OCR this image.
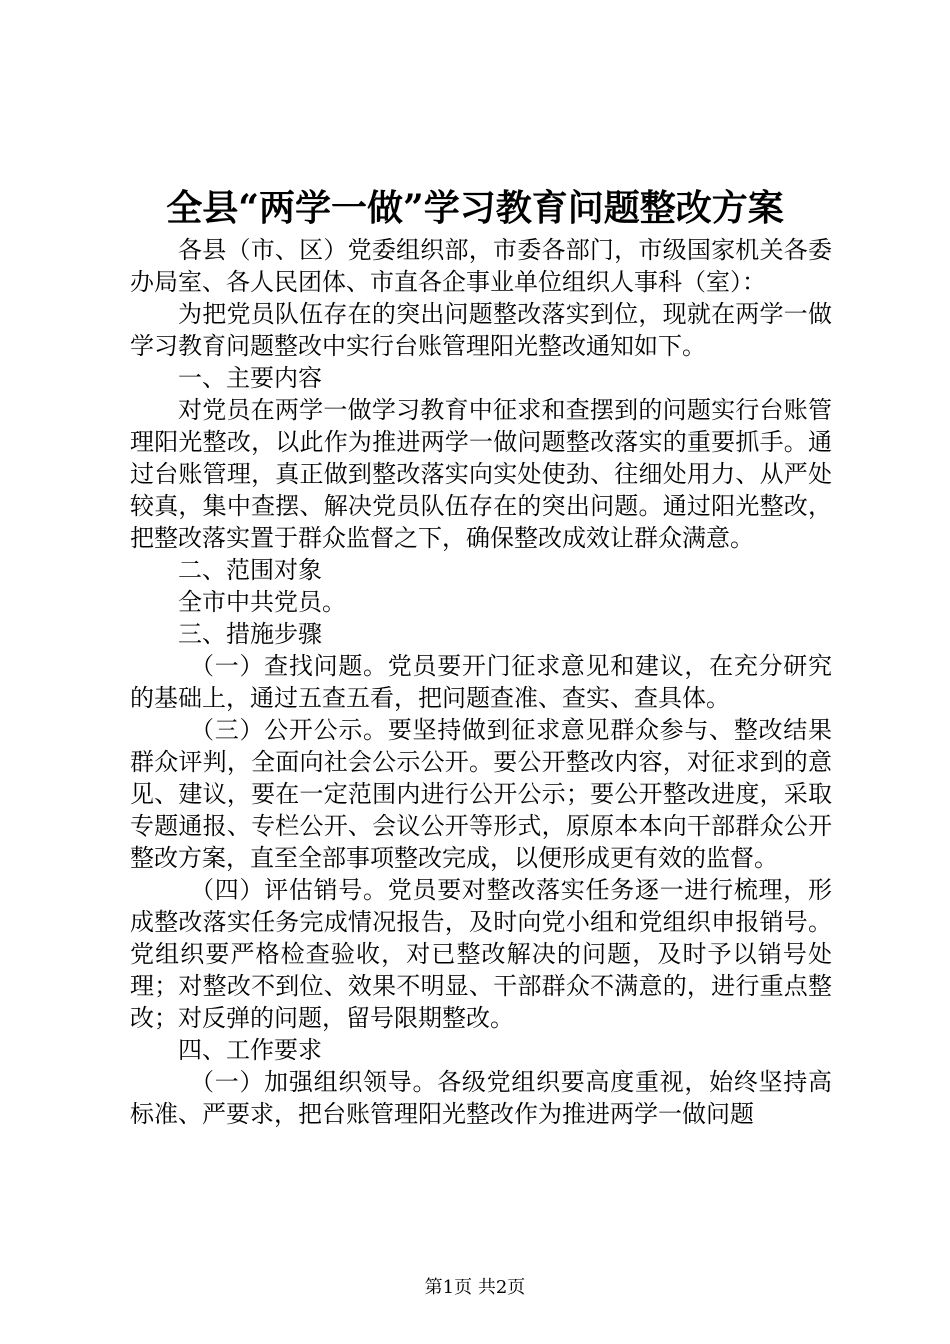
全县“两学一做”学习教育问题整改方案

各县（市、区）党委组织部，市委各部门，市级国家机关各委办局室、各人民团体、市直各企事业单位组织人事科（室）：

为把党员队伍存在的突出问题整改落实到位，现就在两学一做学习教育问题整改中实行台账管理阳光整改通知如下。

一、主要内容

对党员在两学一做学习教育中征求和查摆到的问题实行台账管理阳光整改，以此作为推进两学一做问题整改落实的重要抓手。通过台账管理，真正做到整改落实向实处使劲、往细处用力、从严处较真，集中查摆、解决党员队伍存在的突出问题。通过阳光整改，把整改落实置于群众监督之下，确保整改成效让群众满意。

二、范围对象

全市中共党员。

三、措施步骤

（一）查找问题。党员要开门征求意见和建议，在充分研究的基础上，通过五查五看，把问题查准、查实、查具体。

（三）公开公示。要坚持做到征求意见群众参与、整改结果群众评判，全面向社会公示公开。要公开整改内容，对征求到的意见、建议，要在一定范围内进行公开公示；要公开整改进度，采取专题通报、专栏公开、会议公开等形式，原原本本向干部群众公开整改方案，直至全部事项整改完成，以便形成更有效的监督。

（四）评估销号。党员要对整改落实任务逐一进行梳理，形成整改落实任务完成情况报告，及时向党小组和党组织申报销号。党组织要严格检查验收，对已整改解决的问题，及时予以销号处理；对整改不到位、效果不明显、干部群众不满意的，进行重点整改；对反弹的问题，留号限期整改。

四、工作要求

（一）加强组织领导。各级党组织要高度重视，始终坚持高标准、严要求，把台账管理阳光整改作为推进两学一做问题

第1页 共2页
